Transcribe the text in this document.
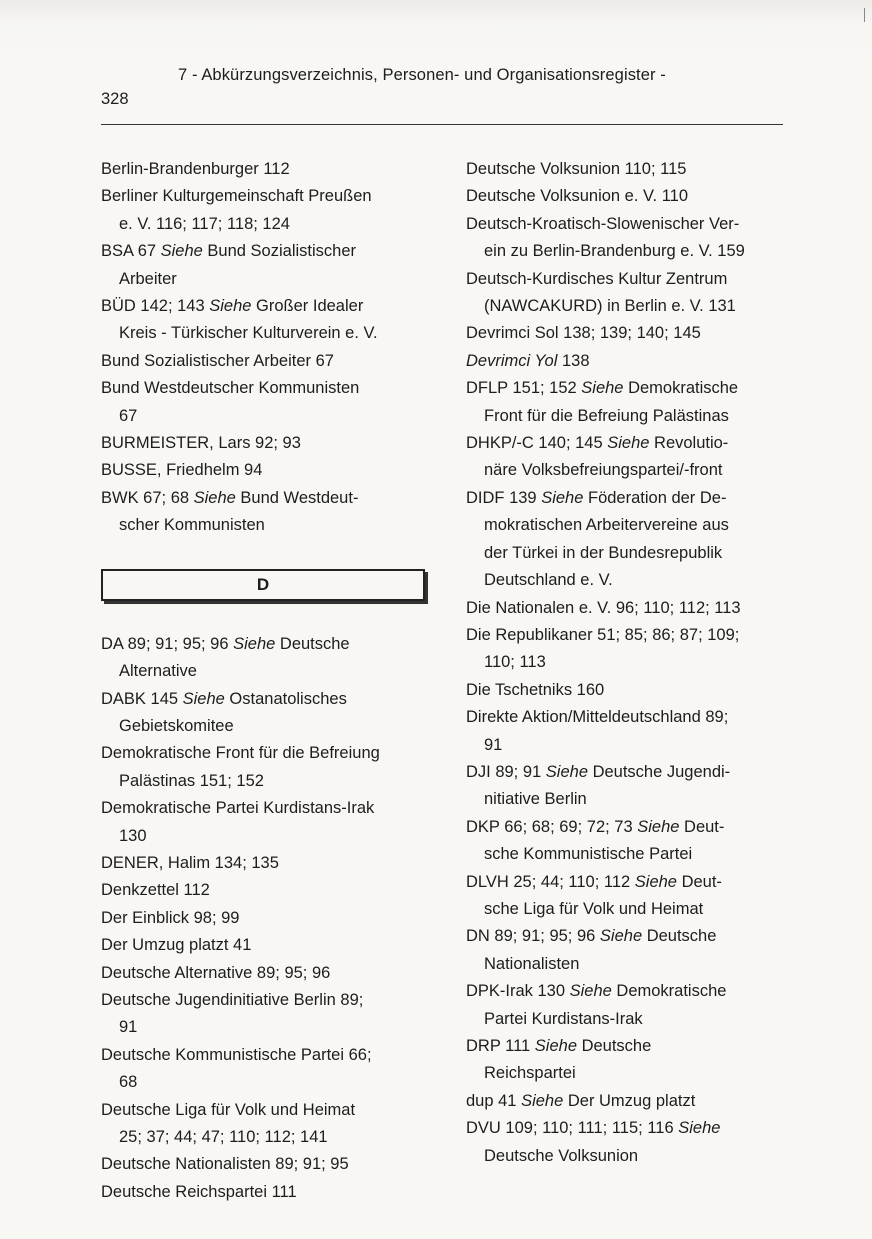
7 - Abkürzungsverzeichnis, Personen- und Organisationsregister -
328
Berlin-Brandenburger 112
Berliner Kulturgemeinschaft Preußen
e. V. 116; 117; 118; 124
BSA 67 Siehe Bund Sozialistischer
Arbeiter
BÜD 142; 143 Siehe Großer Idealer
Kreis - Türkischer Kulturverein e. V.
Bund Sozialistischer Arbeiter 67
Bund Westdeutscher Kommunisten
67
BURMEISTER, Lars 92; 93
BUSSE, Friedhelm 94
BWK 67; 68 Siehe Bund Westdeut-
scher Kommunisten
D
DA 89; 91; 95; 96 Siehe Deutsche
Alternative
DABK 145 Siehe Ostanatolisches
Gebietskomitee
Demokratische Front für die Befreiung
Palästinas 151; 152
Demokratische Partei Kurdistans-Irak
130
DENER, Halim 134; 135
Denkzettel 112
Der Einblick 98; 99
Der Umzug platzt 41
Deutsche Alternative 89; 95; 96
Deutsche Jugendinitiative Berlin 89;
91
Deutsche Kommunistische Partei 66;
68
Deutsche Liga für Volk und Heimat
25; 37; 44; 47; 110; 112; 141
Deutsche Nationalisten 89; 91; 95
Deutsche Reichspartei 111
Deutsche Volksunion 110; 115
Deutsche Volksunion e. V. 110
Deutsch-Kroatisch-Slowenischer Ver-
ein zu Berlin-Brandenburg e. V. 159
Deutsch-Kurdisches Kultur Zentrum
(NAWCAKURD) in Berlin e. V. 131
Devrimci Sol 138; 139; 140; 145
Devrimci Yol 138
DFLP 151; 152 Siehe Demokratische
Front für die Befreiung Palästinas
DHKP/-C 140; 145 Siehe Revolutio-
näre Volksbefreiungspartei/-front
DIDF 139 Siehe Föderation der De-
mokratischen Arbeitervereine aus
der Türkei in der Bundesrepublik
Deutschland e. V.
Die Nationalen e. V. 96; 110; 112; 113
Die Republikaner 51; 85; 86; 87; 109;
110; 113
Die Tschetniks 160
Direkte Aktion/Mitteldeutschland 89;
91
DJI 89; 91 Siehe Deutsche Jugendi-
nitiative Berlin
DKP 66; 68; 69; 72; 73 Siehe Deut-
sche Kommunistische Partei
DLVH 25; 44; 110; 112 Siehe Deut-
sche Liga für Volk und Heimat
DN 89; 91; 95; 96 Siehe Deutsche
Nationalisten
DPK-Irak 130 Siehe Demokratische
Partei Kurdistans-Irak
DRP 111 Siehe Deutsche
Reichspartei
dup 41 Siehe Der Umzug platzt
DVU 109; 110; 111; 115; 116 Siehe
Deutsche Volksunion
